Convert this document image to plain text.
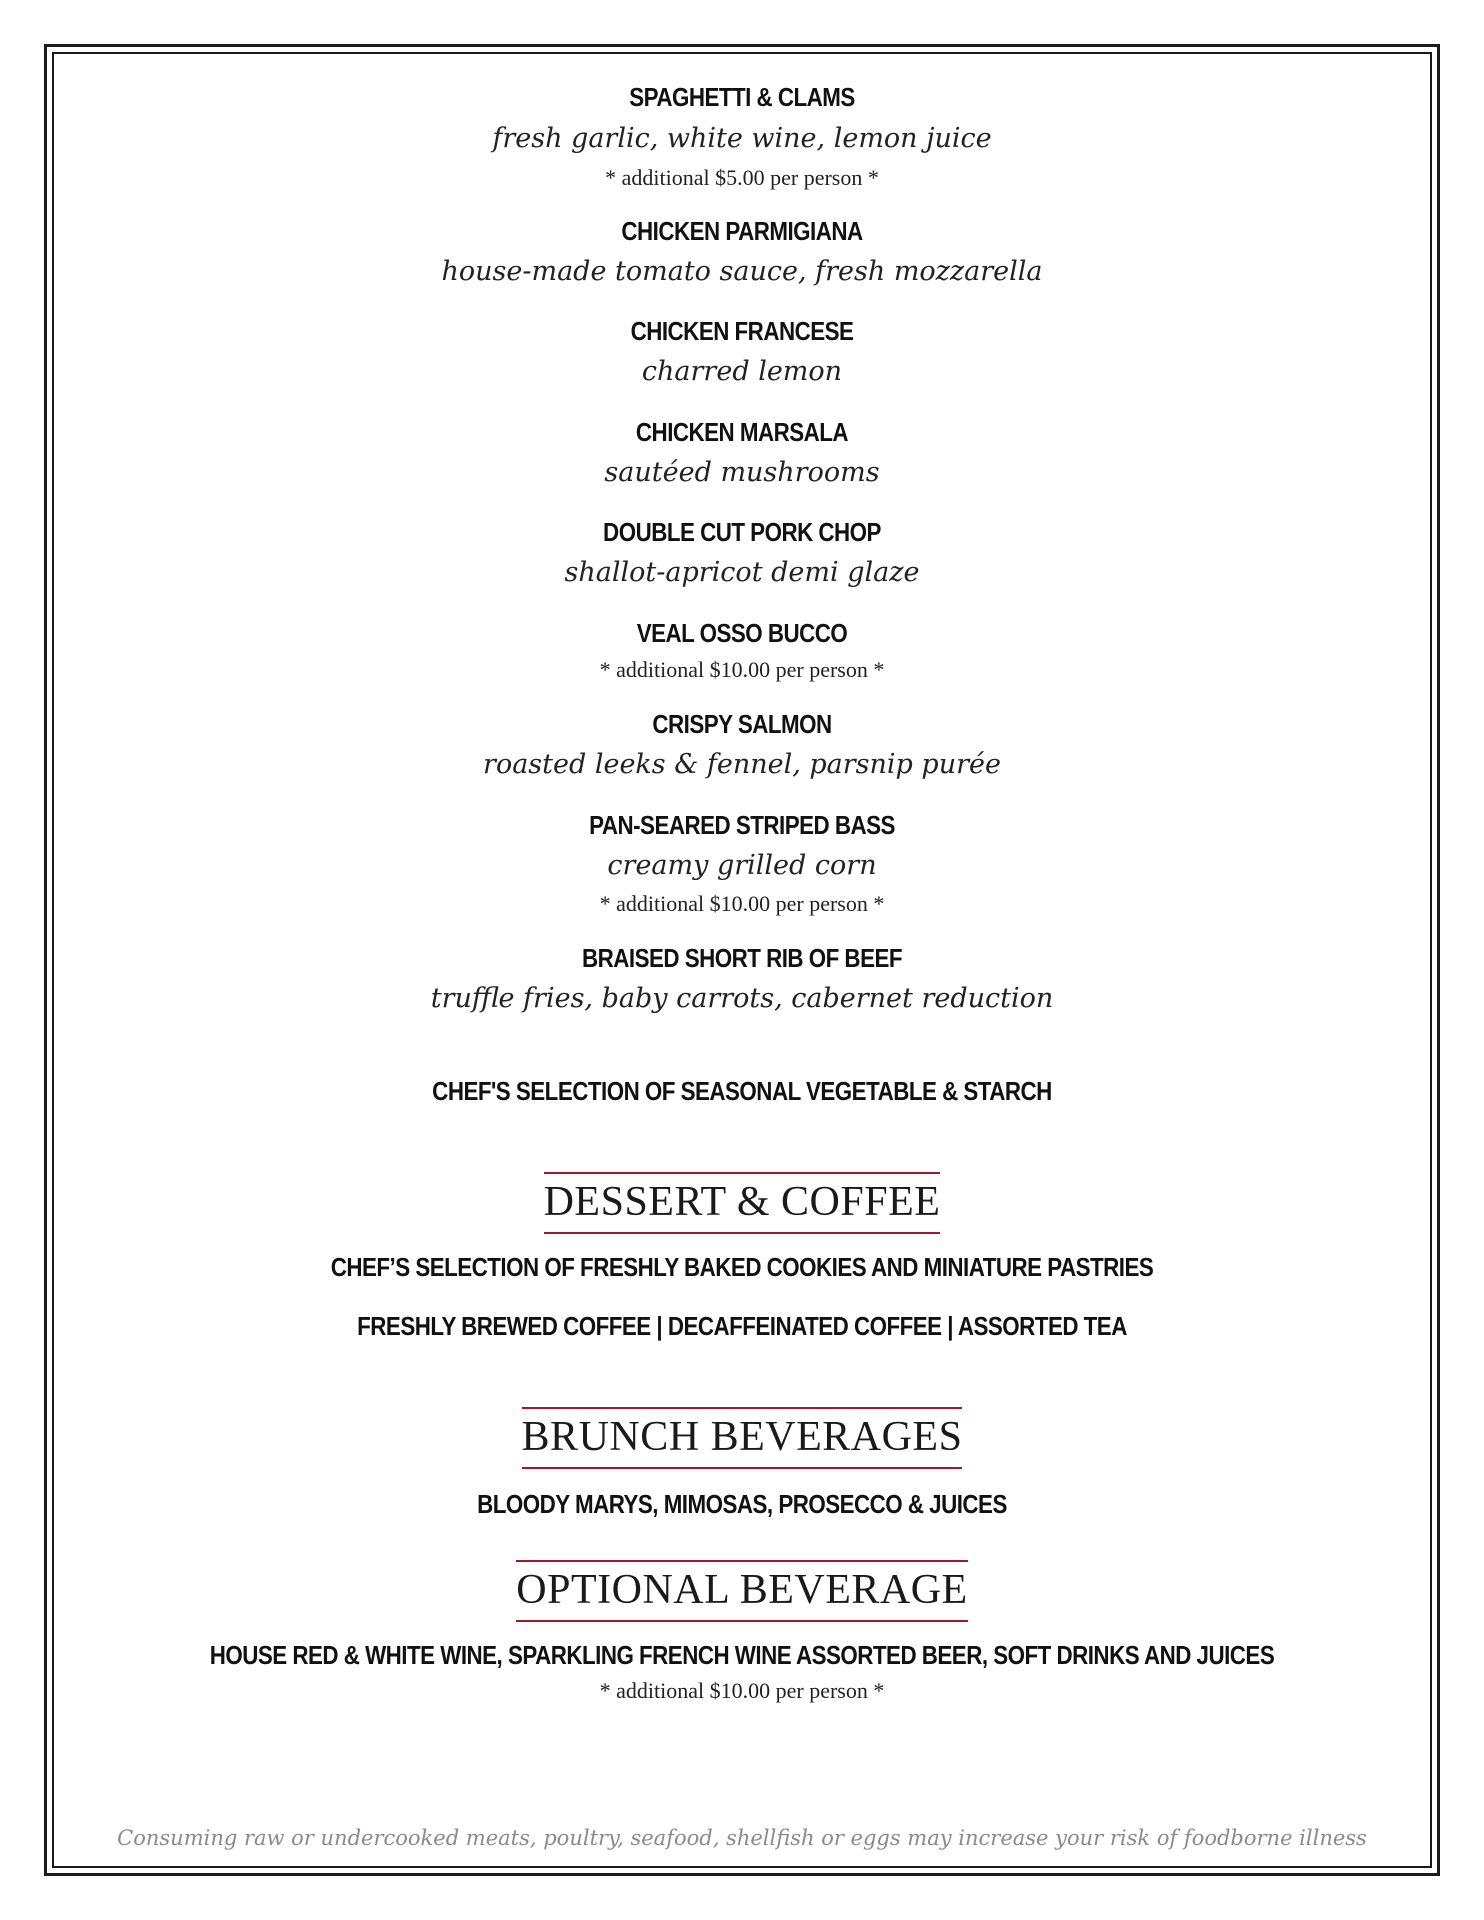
SPAGHETTI & CLAMS
fresh garlic, white wine, lemon juice
* additional $5.00 per person *
CHICKEN PARMIGIANA
house-made tomato sauce, fresh mozzarella
CHICKEN FRANCESE
charred lemon
CHICKEN MARSALA
sautéed mushrooms
DOUBLE CUT PORK CHOP
shallot-apricot demi glaze
VEAL OSSO BUCCO
* additional $10.00 per person *
CRISPY SALMON
roasted leeks & fennel, parsnip purée
PAN-SEARED STRIPED BASS
creamy grilled corn
* additional $10.00 per person *
BRAISED SHORT RIB OF BEEF
truffle fries, baby carrots, cabernet reduction
CHEF'S SELECTION OF SEASONAL VEGETABLE & STARCH
DESSERT & COFFEE
CHEF’S SELECTION OF FRESHLY BAKED COOKIES AND MINIATURE PASTRIES
FRESHLY BREWED COFFEE | DECAFFEINATED COFFEE | ASSORTED TEA
BRUNCH BEVERAGES
BLOODY MARYS, MIMOSAS, PROSECCO & JUICES
OPTIONAL BEVERAGE
HOUSE RED & WHITE WINE, SPARKLING FRENCH WINE ASSORTED BEER, SOFT DRINKS AND JUICES
* additional $10.00 per person *
Consuming raw or undercooked meats, poultry, seafood, shellfish or eggs may increase your risk of foodborne illness
